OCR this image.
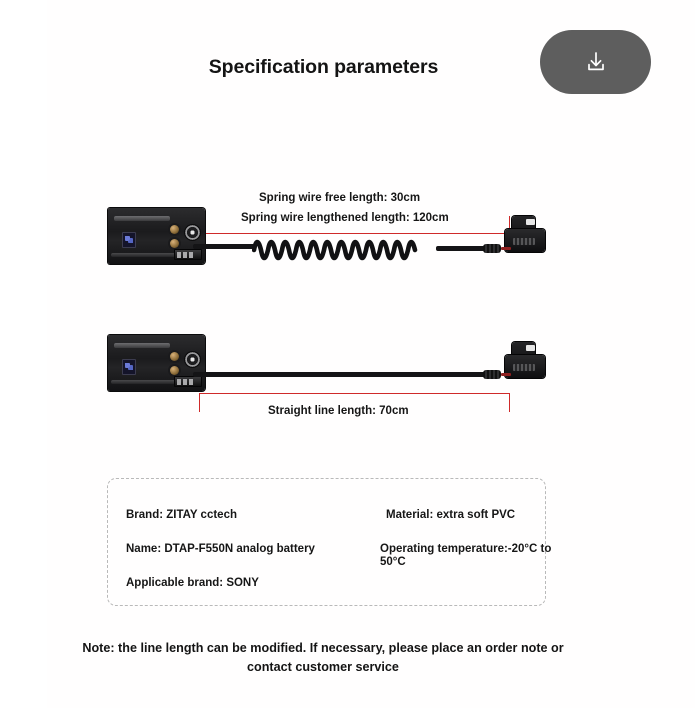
Specification parameters
Spring wire free length: 30cm
Spring wire lengthened length: 120cm
Straight line length: 70cm
Brand: ZITAY cctech
Name: DTAP-F550N analog battery
Applicable brand: SONY
Material: extra soft PVC
Operating temperature:-20°C to 50°C
Note: the line length can be modified. If necessary, please place an order note or contact customer service
